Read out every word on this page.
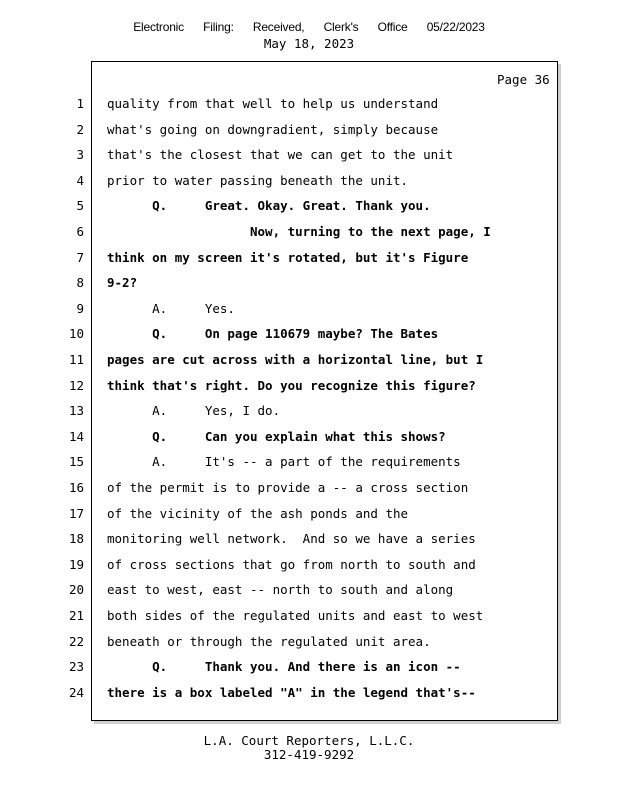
Electronic Filing: Received, Clerk's Office 05/22/2023
May 18, 2023
Page 36
1 quality from that well to help us understand
2 what's going on downgradient, simply because
3 that's the closest that we can get to the unit
4 prior to water passing beneath the unit.
5 Q.     Great. Okay. Great. Thank you.
6 Now, turning to the next page, I
7 think on my screen it's rotated, but it's Figure
8 9-2?
9 A.     Yes.
10 Q.     On page 110679 maybe? The Bates
11 pages are cut across with a horizontal line, but I
12 think that's right. Do you recognize this figure?
13 A.     Yes, I do.
14 Q.     Can you explain what this shows?
15 A.     It's -- a part of the requirements
16 of the permit is to provide a -- a cross section
17 of the vicinity of the ash ponds and the
18 monitoring well network.  And so we have a series
19 of cross sections that go from north to south and
20 east to west, east -- north to south and along
21 both sides of the regulated units and east to west
22 beneath or through the regulated unit area.
23 Q.     Thank you. And there is an icon --
24 there is a box labeled "A" in the legend that's--
L.A. Court Reporters, L.L.C.
312-419-9292
